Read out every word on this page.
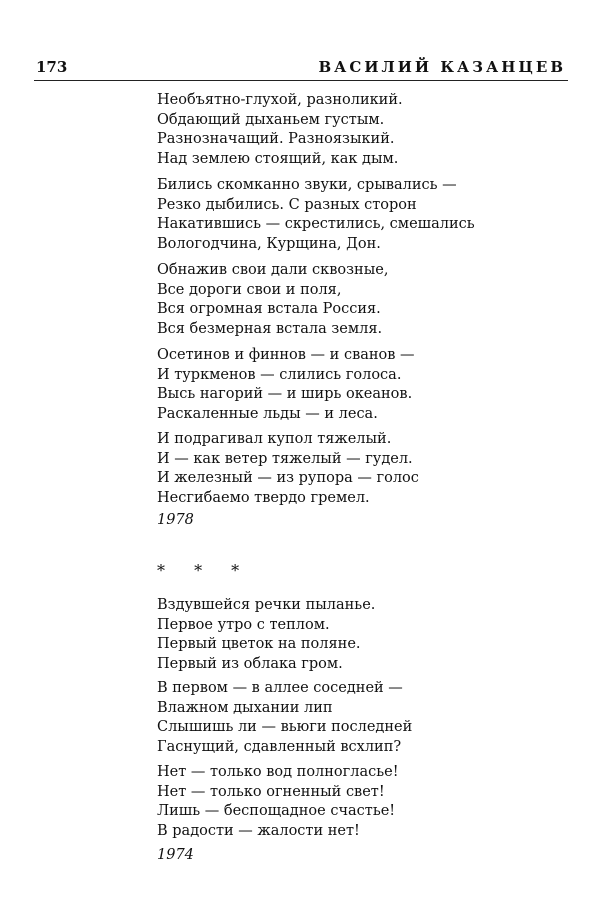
173	ВАСИЛИЙ КАЗАНЦЕВ
Необъятно-глухой, разноликий.
Обдающий дыханьем густым.
Разнозначащий. Разноязыкий.
Над землею стоящий, как дым.
Бились скомканно звуки, срывались —
Резко дыбились. С разных сторон
Накатившись — скрестились, смешались
Вологодчина, Курщина, Дон.
Обнажив свои дали сквозные,
Все дороги свои и поля,
Вся огромная встала Россия.
Вся безмерная встала земля.
Осетинов и финнов — и сванов —
И туркменов — слились голоса.
Высь нагорий — и ширь океанов.
Раскаленные льды — и леса.
И подрагивал купол тяжелый.
И — как ветер тяжелый — гудел.
И железный — из рупора — голос
Несгибаемо твердо гремел.
1978
* * *
Вздувшейся речки пыланье.
Первое утро с теплом.
Первый цветок на поляне.
Первый из облака гром.
В первом — в аллее соседней —
Влажном дыхании лип
Слышишь ли — вьюги последней
Гаснущий, сдавленный всхлип?
Нет — только вод полногласье!
Нет — только огненный свет!
Лишь — беспощадное счастье!
В радости — жалости нет!
1974
